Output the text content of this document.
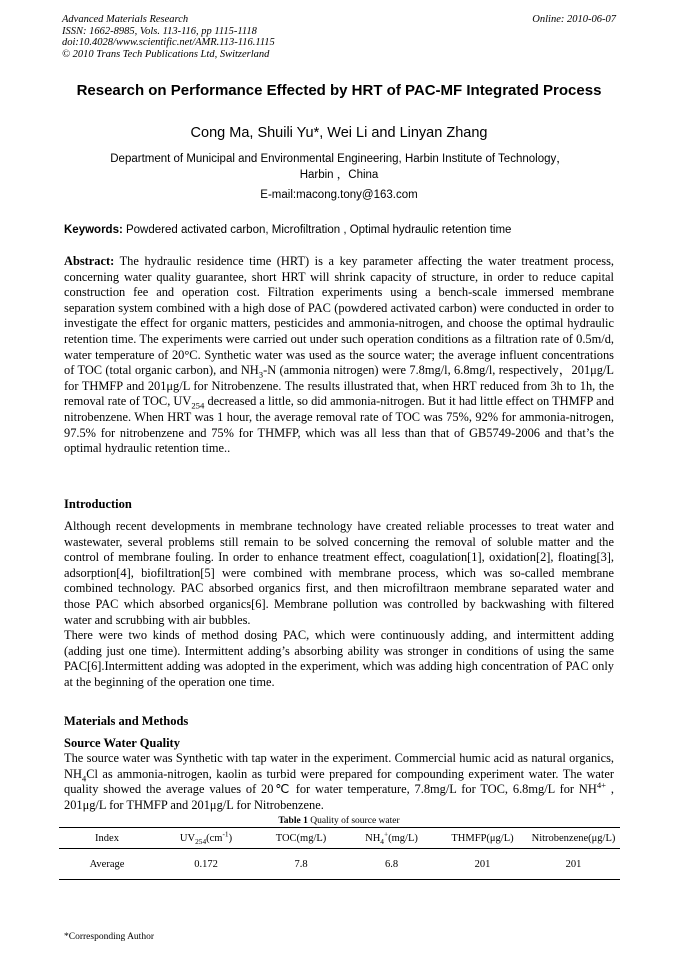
Advanced Materials Research
ISSN: 1662-8985, Vols. 113-116, pp 1115-1118
doi:10.4028/www.scientific.net/AMR.113-116.1115
© 2010 Trans Tech Publications Ltd, Switzerland
Online: 2010-06-07
Research on Performance Effected by HRT of PAC-MF Integrated Process
Cong Ma, Shuili Yu*, Wei Li and Linyan Zhang
Department of Municipal and Environmental Engineering, Harbin Institute of Technology，
Harbin ，China
E-mail:macong.tony@163.com
Keywords: Powdered activated carbon, Microfiltration , Optimal hydraulic retention time
Abstract: The hydraulic residence time (HRT) is a key parameter affecting the water treatment process, concerning water quality guarantee, short HRT will shrink capacity of structure, in order to reduce capital construction fee and operation cost. Filtration experiments using a bench-scale immersed membrane separation system combined with a high dose of PAC (powdered activated carbon) were conducted in order to investigate the effect for organic matters, pesticides and ammonia-nitrogen, and choose the optimal hydraulic retention time. The experiments were carried out under such operation conditions as a filtration rate of 0.5m/d, water temperature of 20°C. Synthetic water was used as the source water; the average influent concentrations of TOC (total organic carbon), and $NH_3-N$ (ammonia nitrogen) were 7.8mg/l, 6.8mg/l, respectively，201μg/L for THMFP and 201μg/L for Nitrobenzene. The results illustrated that, when HRT reduced from 3h to 1h, the removal rate of TOC, $UV_{254}$ decreased a little, so did ammonia-nitrogen. But it had little effect on THMFP and nitrobenzene. When HRT was 1 hour, the average removal rate of TOC was 75%, 92% for ammonia-nitrogen, 97.5% for nitrobenzene and 75% for THMFP, which was all less than that of GB5749-2006 and that’s the optimal hydraulic retention time..
Introduction

Although recent developments in membrane technology have created reliable processes to treat water and wastewater, several problems still remain to be solved concerning the removal of soluble matter and the control of membrane fouling. In order to enhance treatment effect, coagulation[1], oxidation[2], floating[3], adsorption[4], biofiltration[5] were combined with membrane process, which was so-called membrane combined technology. PAC absorbed organics first, and then microfiltraon membrane separated water and those PAC which absorbed organics[6]. Membrane pollution was controlled by backwashing with filtered water and scrubbing with air bubbles.

There were two kinds of method dosing PAC, which were continuously adding, and intermittent adding (adding just one time). Intermittent adding’s absorbing ability was stronger in conditions of using the same PAC[6].Intermittent adding was adopted in the experiment, which was adding high concentration of PAC only at the beginning of the operation one time.

Materials and Methods
Source Water Quality
The source water was Synthetic with tap water in the experiment. Commercial humic acid as natural organics, $NH_4Cl$ as ammonia-nitrogen, kaolin as turbid were prepared for compounding experiment water. The water quality showed the average values of 20℃ for water temperature, 7.8mg/L for TOC, 6.8mg/L for $NH^{4+}$ , 201μg/L for THMFP and 201μg/L for Nitrobenzene.
Table 1 Quality of source water
Index	$UV_{254}(cm^{-1})$	TOC(mg/L)	$NH_4^+(mg/L)$	THMFP(μg/L)	Nitrobenzene(μg/L)
Average	0.172	7.8	6.8	201	201
*Corresponding Author
